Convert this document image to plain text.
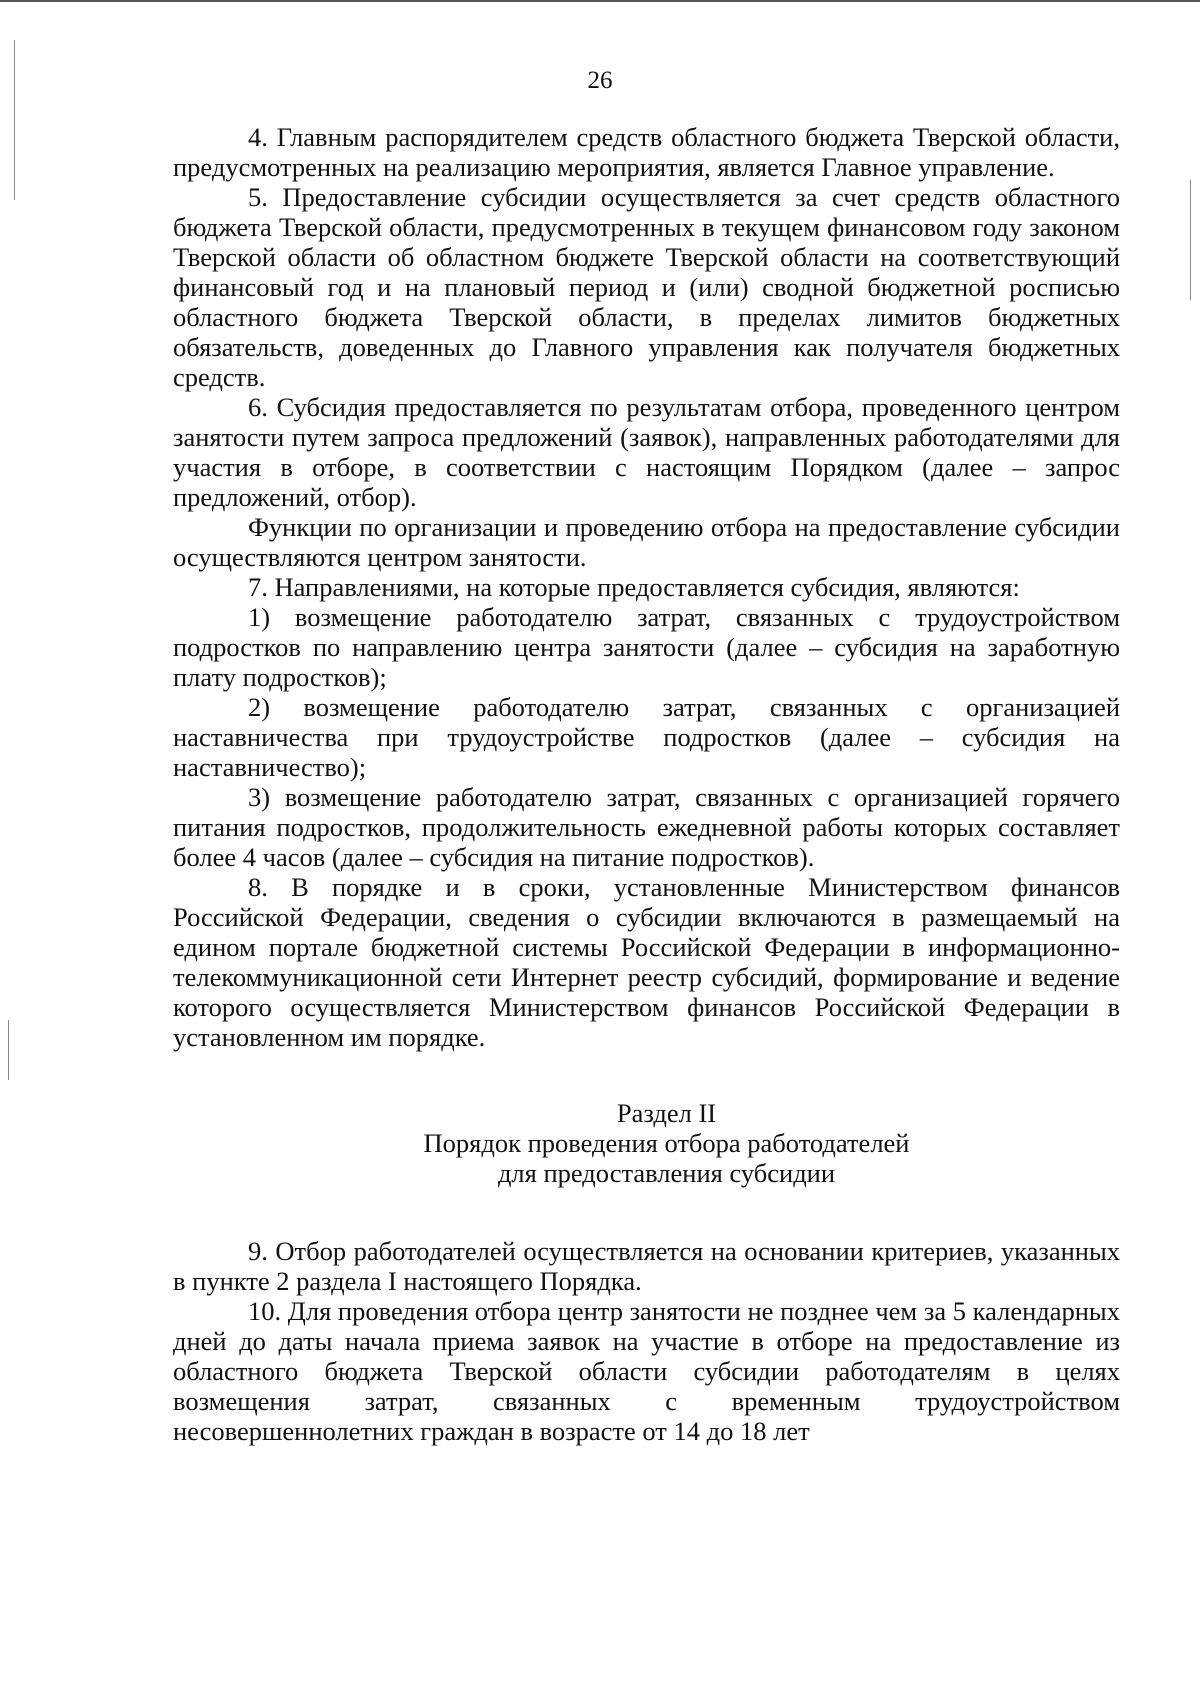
26

4. Главным распорядителем средств областного бюджета Тверской области, предусмотренных на реализацию мероприятия, является Главное управление.

5. Предоставление субсидии осуществляется за счет средств областного бюджета Тверской области, предусмотренных в текущем финансовом году законом Тверской области об областном бюджете Тверской области на соответствующий финансовый год и на плановый период и (или) сводной бюджетной росписью областного бюджета Тверской области, в пределах лимитов бюджетных обязательств, доведенных до Главного управления как получателя бюджетных средств.

6. Субсидия предоставляется по результатам отбора, проведенного центром занятости путем запроса предложений (заявок), направленных работодателями для участия в отборе, в соответствии с настоящим Порядком (далее – запрос предложений, отбор).

Функции по организации и проведению отбора на предоставление субсидии осуществляются центром занятости.

7. Направлениями, на которые предоставляется субсидия, являются:

1) возмещение работодателю затрат, связанных с трудоустройством подростков по направлению центра занятости (далее – субсидия на заработную плату подростков);

2) возмещение работодателю затрат, связанных с организацией наставничества при трудоустройстве подростков (далее – субсидия на наставничество);

3) возмещение работодателю затрат, связанных с организацией горячего питания подростков, продолжительность ежедневной работы которых составляет более 4 часов (далее – субсидия на питание подростков).

8. В порядке и в сроки, установленные Министерством финансов Российской Федерации, сведения о субсидии включаются в размещаемый на едином портале бюджетной системы Российской Федерации в информационно-телекоммуникационной сети Интернет реестр субсидий, формирование и ведение которого осуществляется Министерством финансов Российской Федерации в установленном им порядке.

Раздел II

Порядок проведения отбора работодателей

для предоставления субсидии

9. Отбор работодателей осуществляется на основании критериев, указанных в пункте 2 раздела I настоящего Порядка.

10. Для проведения отбора центр занятости не позднее чем за 5 календарных дней до даты начала приема заявок на участие в отборе на предоставление из областного бюджета Тверской области субсидии работодателям в целях возмещения затрат, связанных с временным трудоустройством несовершеннолетних граждан в возрасте от 14 до 18 лет
